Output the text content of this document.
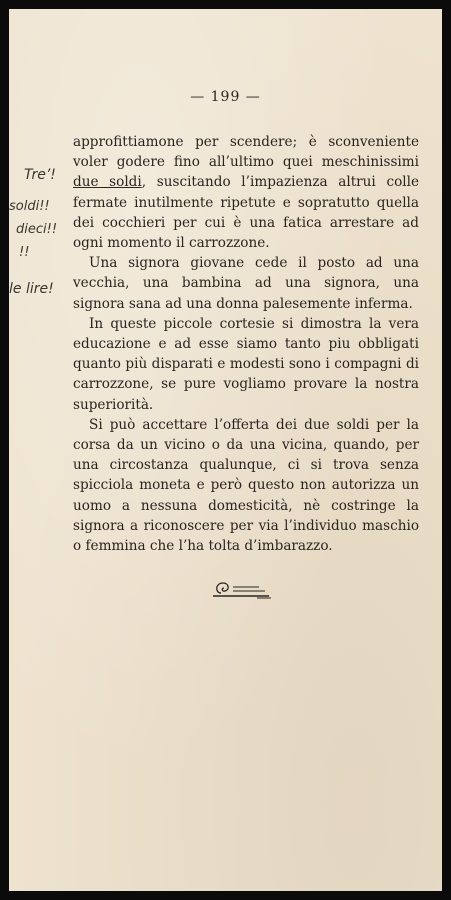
— 199 —
Tre’!
soldi!!
dieci!!
!!
le lire!

approfittiamone per scendere; è sconveniente voler godere fino all’ultimo quei meschinissimi due soldi, suscitando l’impazienza altrui colle fermate inutilmente ripetute e sopratutto quella dei cocchieri per cui è una fatica arrestare ad ogni momento il carrozzone.

Una signora giovane cede il posto ad una vecchia, una bambina ad una signora, una signora sana ad una donna palesemente inferma.

In queste piccole cortesie si dimostra la vera educazione e ad esse siamo tanto piu obbligati quanto più disparati e modesti sono i compagni di carrozzone, se pure vogliamo provare la nostra superiorità.

Si può accettare l’offerta dei due soldi per la corsa da un vicino o da una vicina, quando, per una circostanza qualunque, ci si trova senza spicciola moneta e però questo non autorizza un uomo a nessuna domesticità, nè costringe la signora a riconoscere per via l’individuo maschio o femmina che l’ha tolta d’imbarazzo.
